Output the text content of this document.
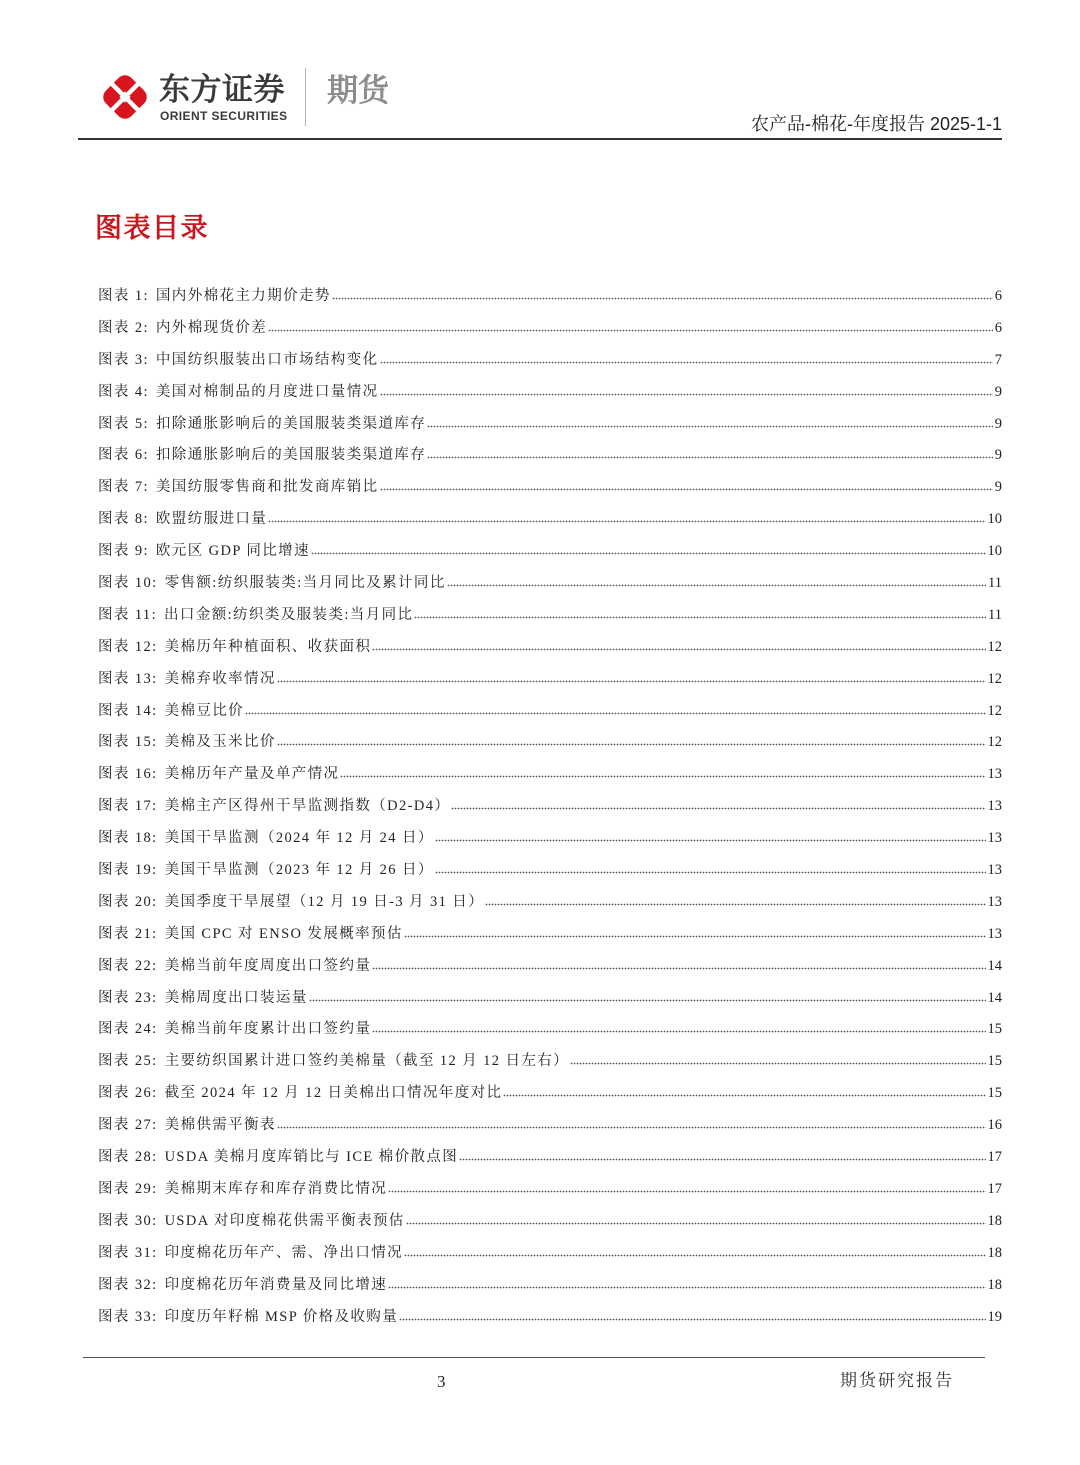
东方证券
ORIENT SECURITIES
期货
农产品-棉花-年度报告 2025-1-1
图表目录
图表 1: 国内外棉花主力期价走势	6
图表 2: 内外棉现货价差	6
图表 3: 中国纺织服装出口市场结构变化	7
图表 4: 美国对棉制品的月度进口量情况	9
图表 5: 扣除通胀影响后的美国服装类渠道库存	9
图表 6: 扣除通胀影响后的美国服装类渠道库存	9
图表 7: 美国纺服零售商和批发商库销比	9
图表 8: 欧盟纺服进口量	10
图表 9: 欧元区 GDP 同比增速	10
图表 10: 零售额:纺织服装类:当月同比及累计同比	11
图表 11: 出口金额:纺织类及服装类:当月同比	11
图表 12: 美棉历年种植面积、收获面积	12
图表 13: 美棉弃收率情况	12
图表 14: 美棉豆比价	12
图表 15: 美棉及玉米比价	12
图表 16: 美棉历年产量及单产情况	13
图表 17: 美棉主产区得州干旱监测指数（D2-D4）	13
图表 18: 美国干旱监测（2024 年 12 月 24 日）	13
图表 19: 美国干旱监测（2023 年 12 月 26 日）	13
图表 20: 美国季度干旱展望（12 月 19 日-3 月 31 日）	13
图表 21: 美国 CPC 对 ENSO 发展概率预估	13
图表 22: 美棉当前年度周度出口签约量	14
图表 23: 美棉周度出口装运量	14
图表 24: 美棉当前年度累计出口签约量	15
图表 25: 主要纺织国累计进口签约美棉量（截至 12 月 12 日左右）	15
图表 26: 截至 2024 年 12 月 12 日美棉出口情况年度对比	15
图表 27: 美棉供需平衡表	16
图表 28: USDA 美棉月度库销比与 ICE 棉价散点图	17
图表 29: 美棉期末库存和库存消费比情况	17
图表 30: USDA 对印度棉花供需平衡表预估	18
图表 31: 印度棉花历年产、需、净出口情况	18
图表 32: 印度棉花历年消费量及同比增速	18
图表 33: 印度历年籽棉 MSP 价格及收购量	19
3	期货研究报告
